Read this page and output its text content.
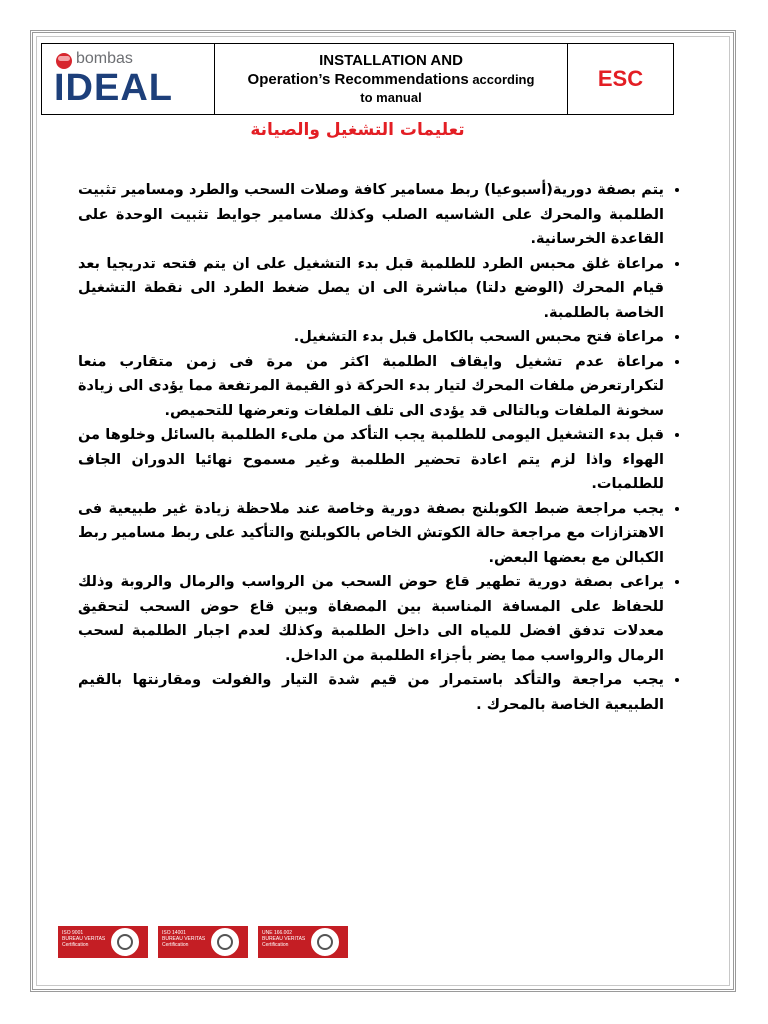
bombas
IDEAL
INSTALLATION AND
Operation’s Recommendations according
to manual
ESC
تعليمات التشغيل والصيانة
• يتم بصفة دورية(أسبوعيا) ربط مسامير كافة وصلات السحب والطرد ومسامير تثبيت الطلمبة والمحرك على الشاسيه الصلب وكذلك مسامير جوايط تثبيت الوحدة على القاعدة الخرسانية.
• مراعاة غلق محبس الطرد للطلمبة قبل بدء التشغيل على ان يتم فتحه تدريجيا بعد قيام المحرك (الوضع دلتا) مباشرة الى ان يصل ضغط الطرد الى نقطة التشغيل الخاصة بالطلمبة.
• مراعاة فتح محبس السحب بالكامل قبل بدء التشغيل.
• مراعاة عدم تشغيل وايقاف الطلمبة اكثر من مرة فى زمن متقارب منعا لتكرارتعرض ملفات المحرك لتيار بدء الحركة ذو القيمة المرتفعة مما يؤدى الى زيادة سخونة الملفات وبالتالى قد يؤدى الى تلف الملفات وتعرضها للتحميص.
• قبل بدء التشغيل اليومى للطلمبة يجب التأكد من ملىء الطلمبة بالسائل وخلوها من الهواء واذا لزم يتم اعادة تحضير الطلمبة وغير مسموح نهائيا الدوران الجاف للطلمبات.
• يجب مراجعة ضبط الكوبلنج بصفة دورية وخاصة عند ملاحظة زيادة غير طبيعية فى الاهتزازات مع مراجعة حالة الكوتش الخاص بالكوبلنج والتأكيد على ربط مسامير ربط الكبالن مع بعضها البعض.
• يراعى بصفة دورية تطهير قاع حوض السحب من الرواسب والرمال والروبة وذلك للحفاظ على المسافة المناسبة بين المصفاة وبين قاع حوض السحب لتحقيق معدلات تدفق افضل للمياه الى داخل الطلمبة وكذلك لعدم اجبار الطلمبة لسحب الرمال والرواسب مما يضر بأجزاء الطلمبة من الداخل.
• يجب مراجعة والتأكد باستمرار من قيم شدة التيار والفولت ومقارنتها بالقيم الطبيعية الخاصة بالمحرك .
ISO 9001
BUREAU VERITAS
Certification
ISO 14001
BUREAU VERITAS
Certification
UNE 166.002
BUREAU VERITAS
Certification
